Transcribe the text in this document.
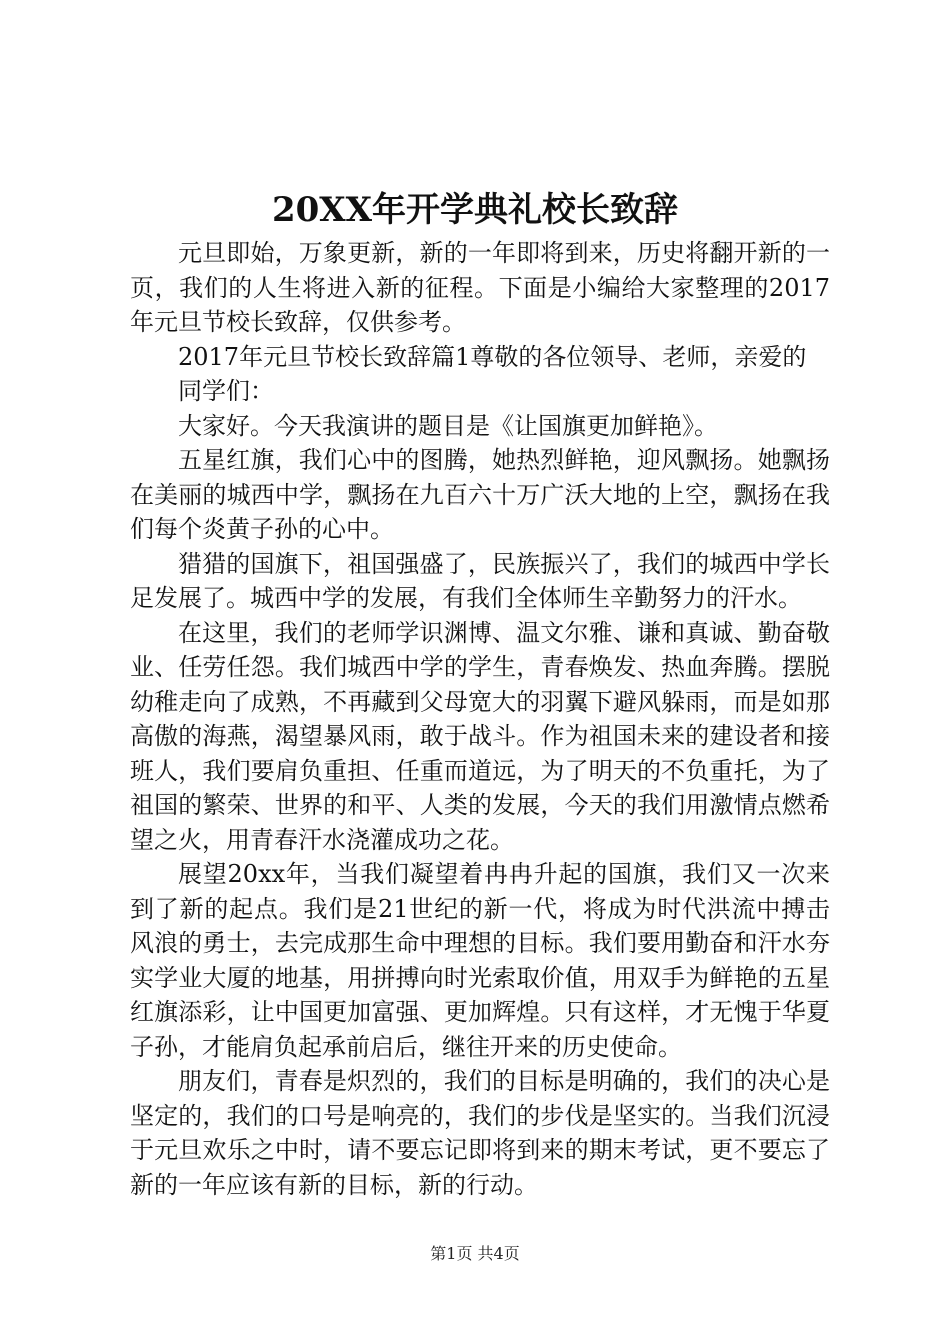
20XX年开学典礼校长致辞

元旦即始，万象更新，新的一年即将到来，历史将翻开新的一页，我们的人生将进入新的征程。下面是小编给大家整理的2017年元旦节校长致辞，仅供参考。

2017年元旦节校长致辞篇1尊敬的各位领导、老师，亲爱的

同学们：

大家好。今天我演讲的题目是《让国旗更加鲜艳》。

五星红旗，我们心中的图腾，她热烈鲜艳，迎风飘扬。她飘扬在美丽的城西中学，飘扬在九百六十万广沃大地的上空，飘扬在我们每个炎黄子孙的心中。

猎猎的国旗下，祖国强盛了，民族振兴了，我们的城西中学长足发展了。城西中学的发展，有我们全体师生辛勤努力的汗水。

在这里，我们的老师学识渊博、温文尔雅、谦和真诚、勤奋敬业、任劳任怨。我们城西中学的学生，青春焕发、热血奔腾。摆脱幼稚走向了成熟，不再藏到父母宽大的羽翼下避风躲雨，而是如那高傲的海燕，渴望暴风雨，敢于战斗。作为祖国未来的建设者和接班人，我们要肩负重担、任重而道远，为了明天的不负重托，为了祖国的繁荣、世界的和平、人类的发展，今天的我们用激情点燃希望之火，用青春汗水浇灌成功之花。

展望20xx年，当我们凝望着冉冉升起的国旗，我们又一次来到了新的起点。我们是21世纪的新一代，将成为时代洪流中搏击风浪的勇士，去完成那生命中理想的目标。我们要用勤奋和汗水夯实学业大厦的地基，用拼搏向时光索取价值，用双手为鲜艳的五星红旗添彩，让中国更加富强、更加辉煌。只有这样，才无愧于华夏子孙，才能肩负起承前启后，继往开来的历史使命。

朋友们，青春是炽烈的，我们的目标是明确的，我们的决心是坚定的，我们的口号是响亮的，我们的步伐是坚实的。当我们沉浸于元旦欢乐之中时，请不要忘记即将到来的期末考试，更不要忘了新的一年应该有新的目标，新的行动。

第1页 共4页
